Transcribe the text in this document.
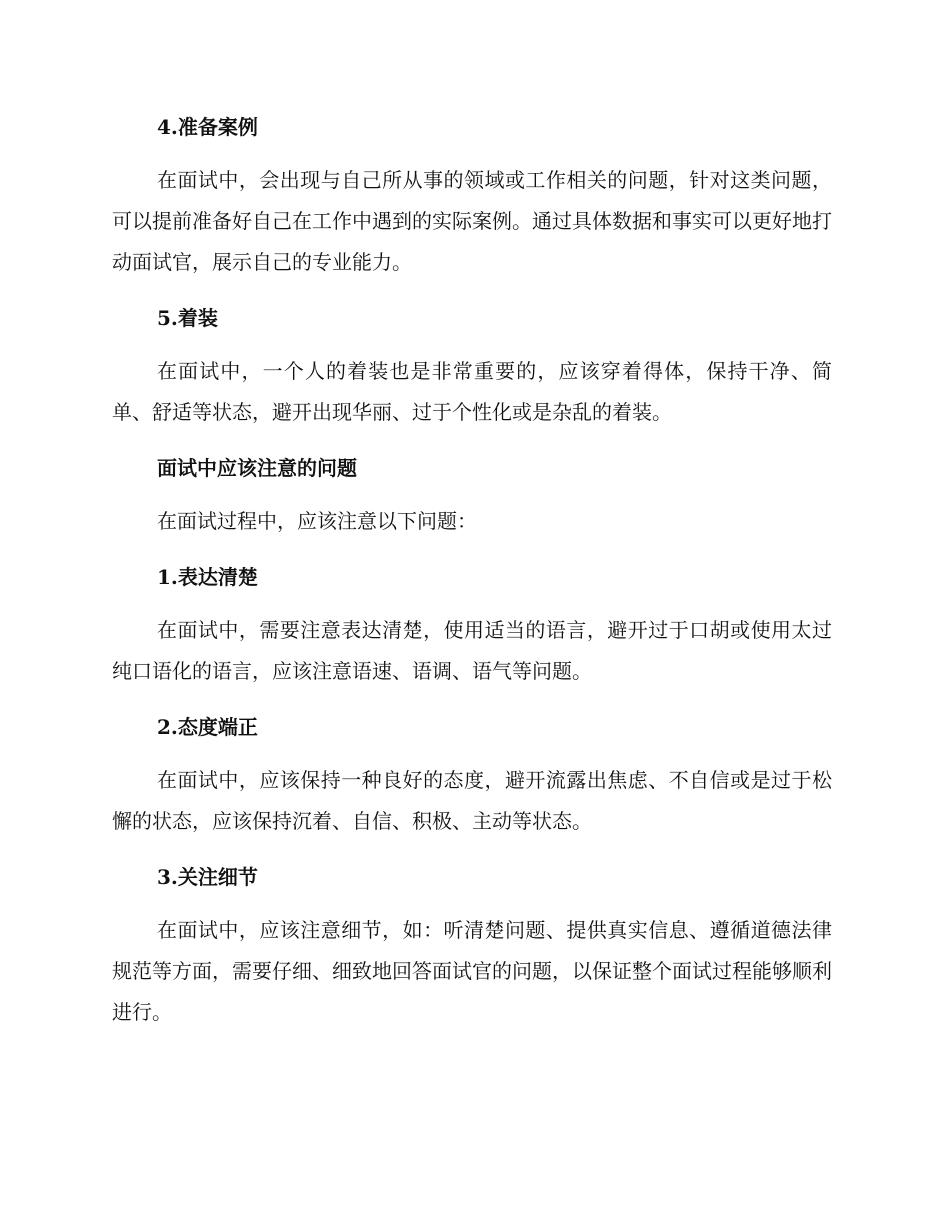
4.准备案例

在面试中，会出现与自己所从事的领域或工作相关的问题，针对这类问题，可以提前准备好自己在工作中遇到的实际案例。通过具体数据和事实可以更好地打动面试官，展示自己的专业能力。

5.着装

在面试中，一个人的着装也是非常重要的，应该穿着得体，保持干净、简单、舒适等状态，避开出现华丽、过于个性化或是杂乱的着装。

面试中应该注意的问题

在面试过程中，应该注意以下问题：

1.表达清楚

在面试中，需要注意表达清楚，使用适当的语言，避开过于口胡或使用太过纯口语化的语言，应该注意语速、语调、语气等问题。

2.态度端正

在面试中，应该保持一种良好的态度，避开流露出焦虑、不自信或是过于松懈的状态，应该保持沉着、自信、积极、主动等状态。

3.关注细节

在面试中，应该注意细节，如：听清楚问题、提供真实信息、遵循道德法律规范等方面，需要仔细、细致地回答面试官的问题，以保证整个面试过程能够顺利进行。
